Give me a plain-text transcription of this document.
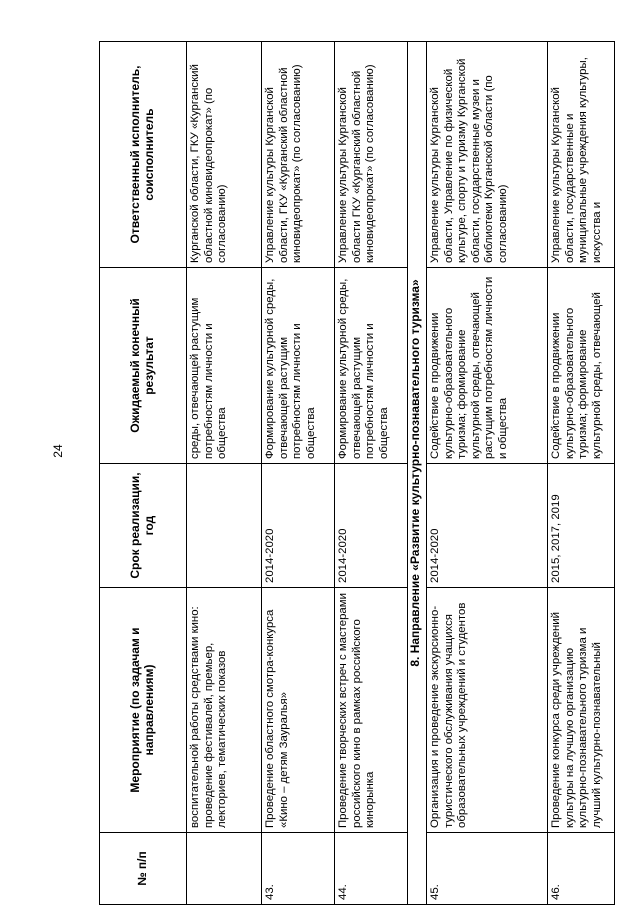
24
№ п/п	Мероприятие (по задачам и направлениям)	Срок реализации, год	Ожидаемый конечный результат	Ответственный исполнитель, соисполнитель
	воспитательной работы средствами кино: проведение фестивалей, премьер, лекториев, тематических показов		среды, отвечающей растущим потребностям личности и общества	Курганской области, ГКУ «Курганский областной киновидеопрокат» (по согласованию)
43.	Проведение областного смотра-конкурса «Кино – детям Зауралья»	2014-2020	Формирование культурной среды, отвечающей растущим потребностям личности и общества	Управление культуры Курганской области, ГКУ «Курганский областной киновидеопрокат» (по согласованию)
44.	Проведение творческих встреч с мастерами российского кино в рамках российского кинорынка	2014-2020	Формирование культурной среды, отвечающей растущим потребностям личности и общества	Управление культуры Курганской области ГКУ «Курганский областной киновидеопрокат» (по согласованию)
8. Направление «Развитие культурно-познавательного туризма»				
45.	Организация и проведение экскурсионно-туристического обслуживания учащихся образовательных учреждений и студентов	2014-2020	Содействие в продвижении культурно-образовательного туризма; формирование культурной среды, отвечающей растущим потребностям личности и общества	Управление культуры Курганской области, Управление по физической культуре, спорту и туризму Курганской области, государственные музеи и библиотеки Курганской области (по согласованию)
46.	Проведение конкурса среди учреждений культуры на лучшую организацию культурно-познавательного туризма и лучший культурно-познавательный	2015, 2017, 2019	Содействие в продвижении культурно-образовательного туризма; формирование культурной среды, отвечающей	Управление культуры Курганской области, государственные и муниципальные учреждения культуры, искусства и
